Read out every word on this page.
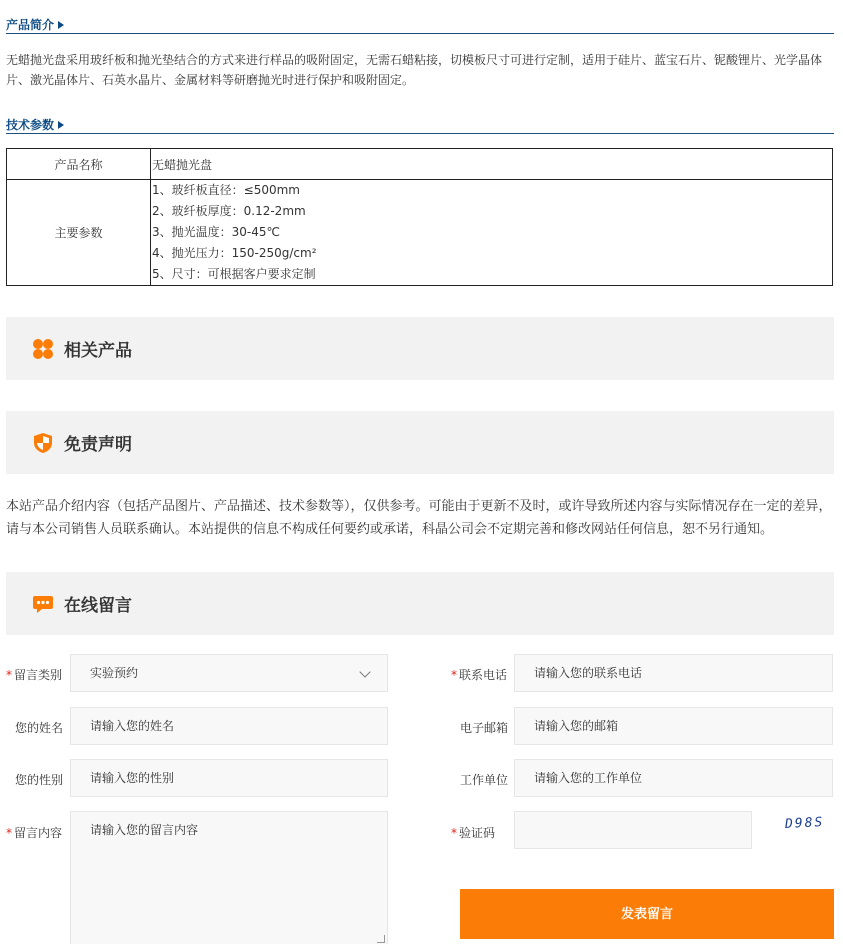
产品简介
无蜡抛光盘采用玻纤板和抛光垫结合的方式来进行样品的吸附固定，无需石蜡粘接，切模板尺寸可进行定制，适用于硅片、蓝宝石片、铌酸锂片、光学晶体片、激光晶体片、石英水晶片、金属材料等研磨抛光时进行保护和吸附固定。
技术参数
产品名称	无蜡抛光盘
主要参数	1、玻纤板直径：≤500mm
2、玻纤板厚度：0.12-2mm
3、抛光温度：30-45℃
4、抛光压力：150-250g/cm²
5、尺寸：可根据客户要求定制
相关产品
免责声明
本站产品介绍内容（包括产品图片、产品描述、技术参数等），仅供参考。可能由于更新不及时，或许导致所述内容与实际情况存在一定的差异，请与本公司销售人员联系确认。本站提供的信息不构成任何要约或承诺，科晶公司会不定期完善和修改网站任何信息，恕不另行通知。
在线留言
* 留言类别	实验预约
您的姓名	请输入您的姓名
您的性别	请输入您的性别
* 留言内容	请输入您的留言内容
* 联系电话	请输入您的联系电话
电子邮箱	请输入您的邮箱
工作单位	请输入您的工作单位
* 验证码
D98S
发表留言
